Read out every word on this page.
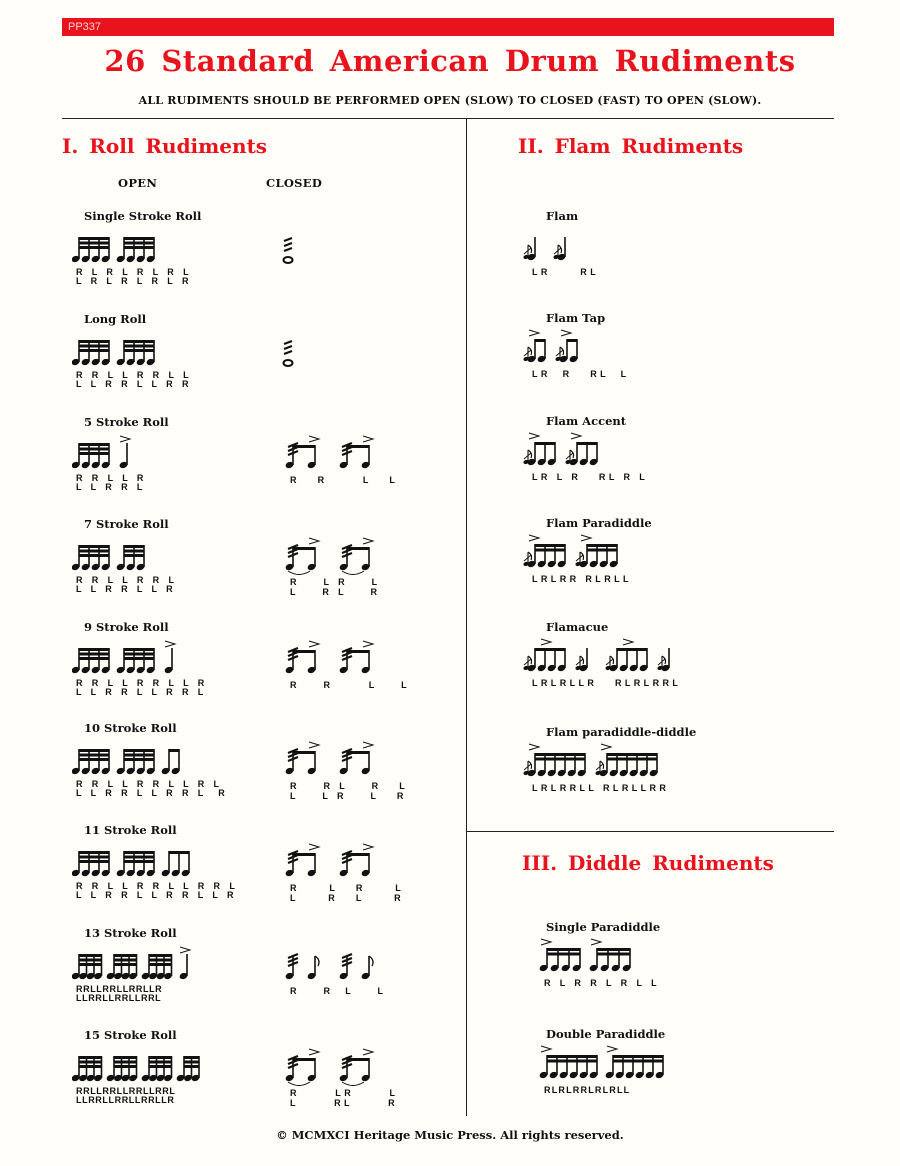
PP337
26 Standard American Drum Rudiments
ALL RUDIMENTS SHOULD BE PERFORMED OPEN (SLOW) TO CLOSED (FAST) TO OPEN (SLOW).
I. Roll Rudiments
OPEN	CLOSED
Single Stroke Roll
R L R L R L R L
L R L R L R L R
Long Roll
R R L L R R L L
L L R R L L R R
5 Stroke Roll
R R L L R
L L R R L
R   R      L   L
7 Stroke Roll
R R L L R R L
L L R R L L R
R    L R    L
L    R L    R
9 Stroke Roll
R R L L R R L L R
L L R R L L R R L
R    R      L    L
10 Stroke Roll
R R L L R R L L R L
L L R R L L R R L  R
R    R L    R   L
L    L R    L   R
11 Stroke Roll
R R L L R R L L R R L
L L R R L L R R L L R
R     L   R     L
L     R   L     R
13 Stroke Roll
RRLLRRLLRRLLR
LLRRLLRRLLRRL
R    R  L    L
15 Stroke Roll
RRLLRRLLRRLLRRL
LLRRLLRRLLRRLLR
R      LR      L
L      RL      R
Flam
LR     RL
Flam Tap
LR  R   RL  L
Flam Accent
LR L R   RL R L
Flam Paradiddle
LRLRR RLRLL
Flamacue
LRLRLLR   RLRLRRL
Flam paradiddle-diddle
LRLRRLL RLRLLRR
Single Paradiddle
R L R R L R L L
Double Paradiddle
RLRLRRLRLRLL
II. Flam Rudiments
III. Diddle Rudiments
© MCMXCI Heritage Music Press. All rights reserved.
